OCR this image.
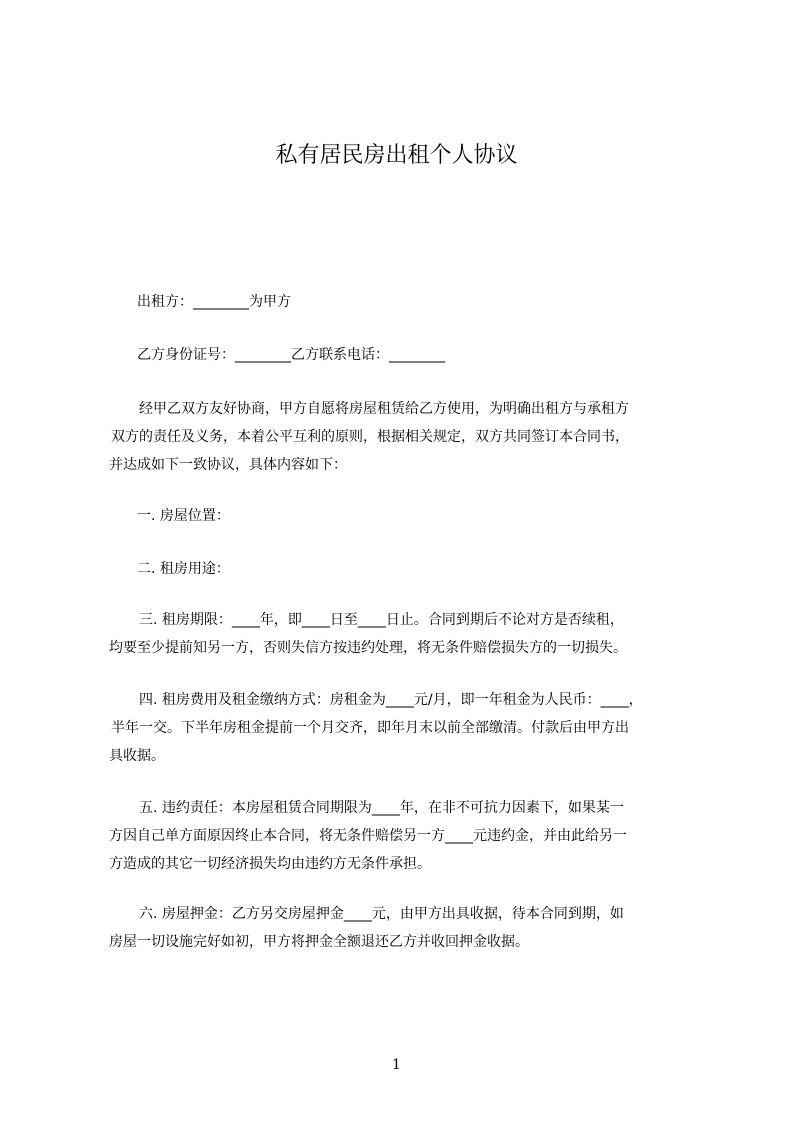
私有居民房出租个人协议

出租方：________为甲方

乙方身份证号：________乙方联系电话：________

经甲乙双方友好协商，甲方自愿将房屋租赁给乙方使用，为明确出租方与承租方
双方的责任及义务，本着公平互利的原则，根据相关规定，双方共同签订本合同书，
并达成如下一致协议，具体内容如下：

一. 房屋位置：

二. 租房用途：

三. 租房期限：____年，即____日至____日止。合同到期后不论对方是否续租，
均要至少提前知另一方，否则失信方按违约处理，将无条件赔偿损失方的一切损失。
四. 租房费用及租金缴纳方式：房租金为____元/月，即一年租金为人民币：____，
半年一交。下半年房租金提前一个月交齐，即年月末以前全部缴清。付款后由甲方出
具收据。
五. 违约责任：本房屋租赁合同期限为____年，在非不可抗力因素下，如果某一
方因自己单方面原因终止本合同，将无条件赔偿另一方____元违约金，并由此给另一
方造成的其它一切经济损失均由违约方无条件承担。
六. 房屋押金：乙方另交房屋押金____元，由甲方出具收据，待本合同到期，如
房屋一切设施完好如初，甲方将押金全额退还乙方并收回押金收据。
1
